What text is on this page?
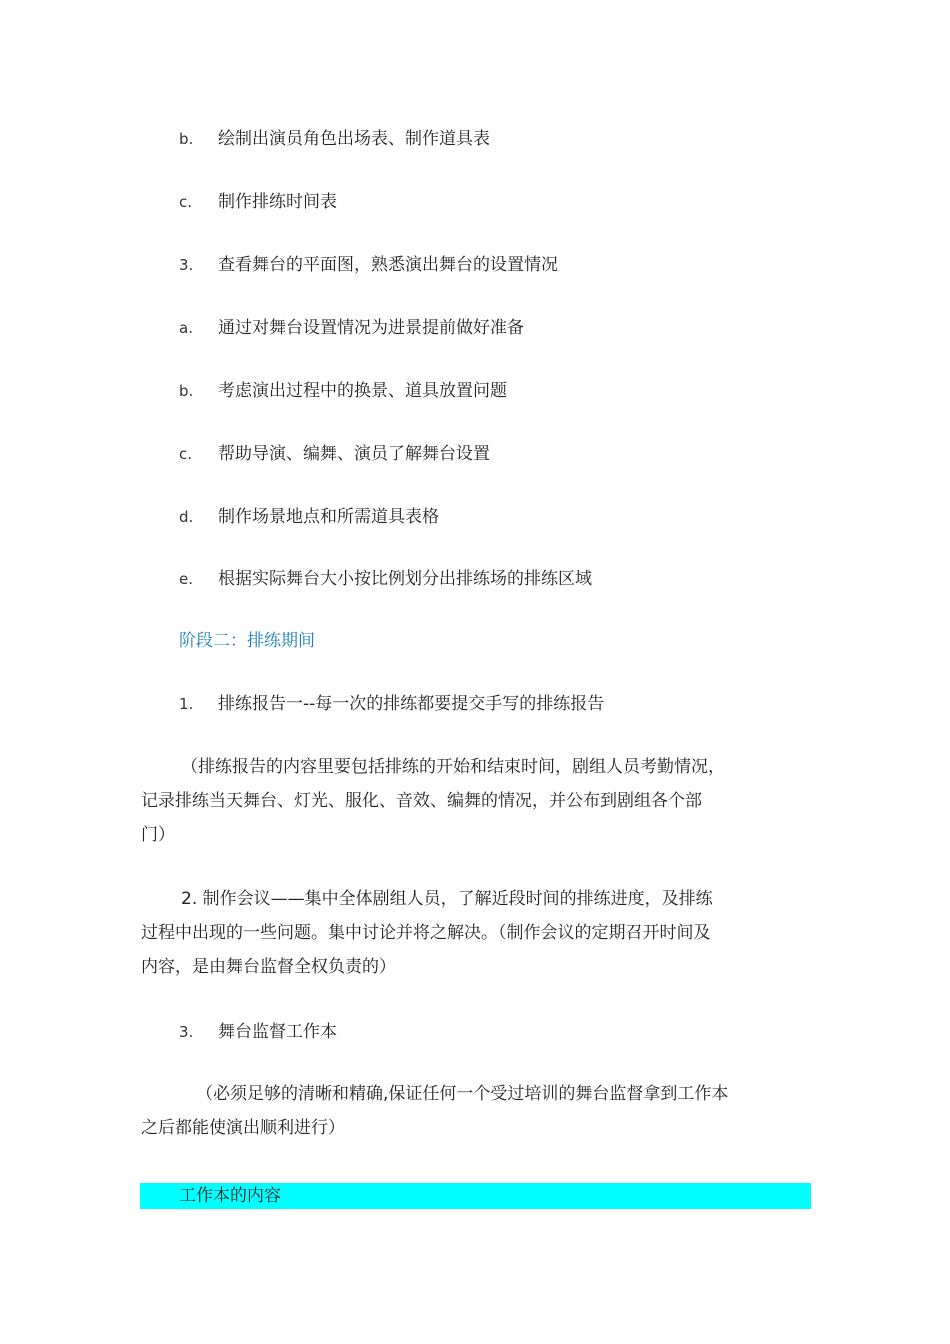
b. 绘制出演员角色出场表、制作道具表
c. 制作排练时间表
3. 查看舞台的平面图，熟悉演出舞台的设置情况
a. 通过对舞台设置情况为进景提前做好准备
b. 考虑演出过程中的换景、道具放置问题
c. 帮助导演、编舞、演员了解舞台设置
d. 制作场景地点和所需道具表格
e. 根据实际舞台大小按比例划分出排练场的排练区域
阶段二：排练期间
1. 排练报告一--每一次的排练都要提交手写的排练报告
（排练报告的内容里要包括排练的开始和结束时间，剧组人员考勤情况，
记录排练当天舞台、灯光、服化、音效、编舞的情况，并公布到剧组各个部
门）
2. 制作会议——集中全体剧组人员，了解近段时间的排练进度，及排练
过程中出现的一些问题。集中讨论并将之解决。（制作会议的定期召开时间及
内容，是由舞台监督全权负责的）
3. 舞台监督工作本
（必须足够的清晰和精确,保证任何一个受过培训的舞台监督拿到工作本
之后都能使演出顺利进行）
工作本的内容
